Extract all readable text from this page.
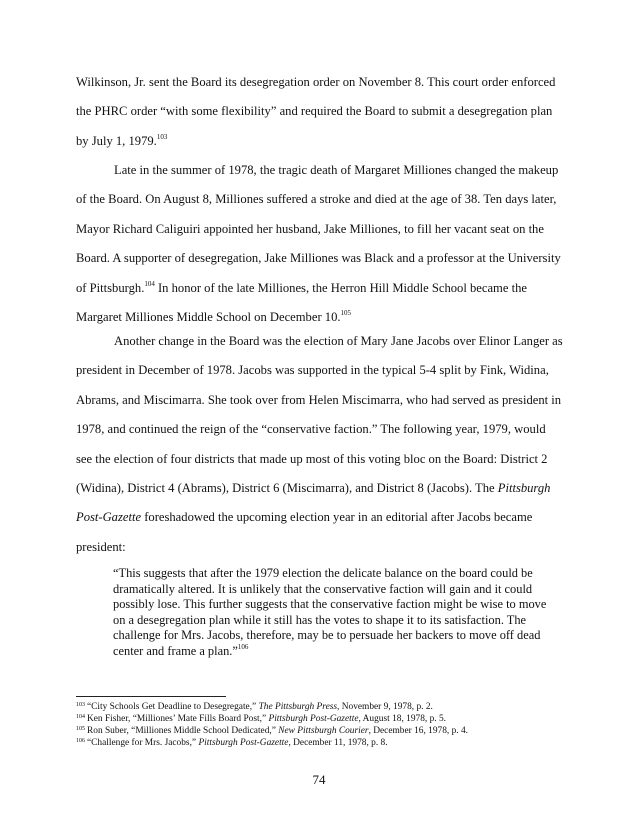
Wilkinson, Jr. sent the Board its desegregation order on November 8. This court order enforced
the PHRC order “with some flexibility” and required the Board to submit a desegregation plan
by July 1, 1979.$^{103}$
Late in the summer of 1978, the tragic death of Margaret Milliones changed the makeup
of the Board. On August 8, Milliones suffered a stroke and died at the age of 38. Ten days later,
Mayor Richard Caliguiri appointed her husband, Jake Milliones, to fill her vacant seat on the
Board. A supporter of desegregation, Jake Milliones was Black and a professor at the University
of Pittsburgh.$^{104}$ In honor of the late Milliones, the Herron Hill Middle School became the
Margaret Milliones Middle School on December 10.$^{105}$
Another change in the Board was the election of Mary Jane Jacobs over Elinor Langer as
president in December of 1978. Jacobs was supported in the typical 5-4 split by Fink, Widina,
Abrams, and Miscimarra. She took over from Helen Miscimarra, who had served as president in
1978, and continued the reign of the “conservative faction.” The following year, 1979, would
see the election of four districts that made up most of this voting bloc on the Board: District 2
(Widina), District 4 (Abrams), District 6 (Miscimarra), and District 8 (Jacobs). The Pittsburgh
Post-Gazette foreshadowed the upcoming election year in an editorial after Jacobs became
president:
“This suggests that after the 1979 election the delicate balance on the board could be
dramatically altered. It is unlikely that the conservative faction will gain and it could
possibly lose. This further suggests that the conservative faction might be wise to move
on a desegregation plan while it still has the votes to shape it to its satisfaction. The
challenge for Mrs. Jacobs, therefore, may be to persuade her backers to move off dead
center and frame a plan.”$^{106}$
$^{103}$ “City Schools Get Deadline to Desegregate,” The Pittsburgh Press, November 9, 1978, p. 2.
$^{104}$ Ken Fisher, “Milliones’ Mate Fills Board Post,” Pittsburgh Post-Gazette, August 18, 1978, p. 5.
$^{105}$ Ron Suber, “Milliones Middle School Dedicated,” New Pittsburgh Courier, December 16, 1978, p. 4.
$^{106}$ “Challenge for Mrs. Jacobs,” Pittsburgh Post-Gazette, December 11, 1978, p. 8.
74
